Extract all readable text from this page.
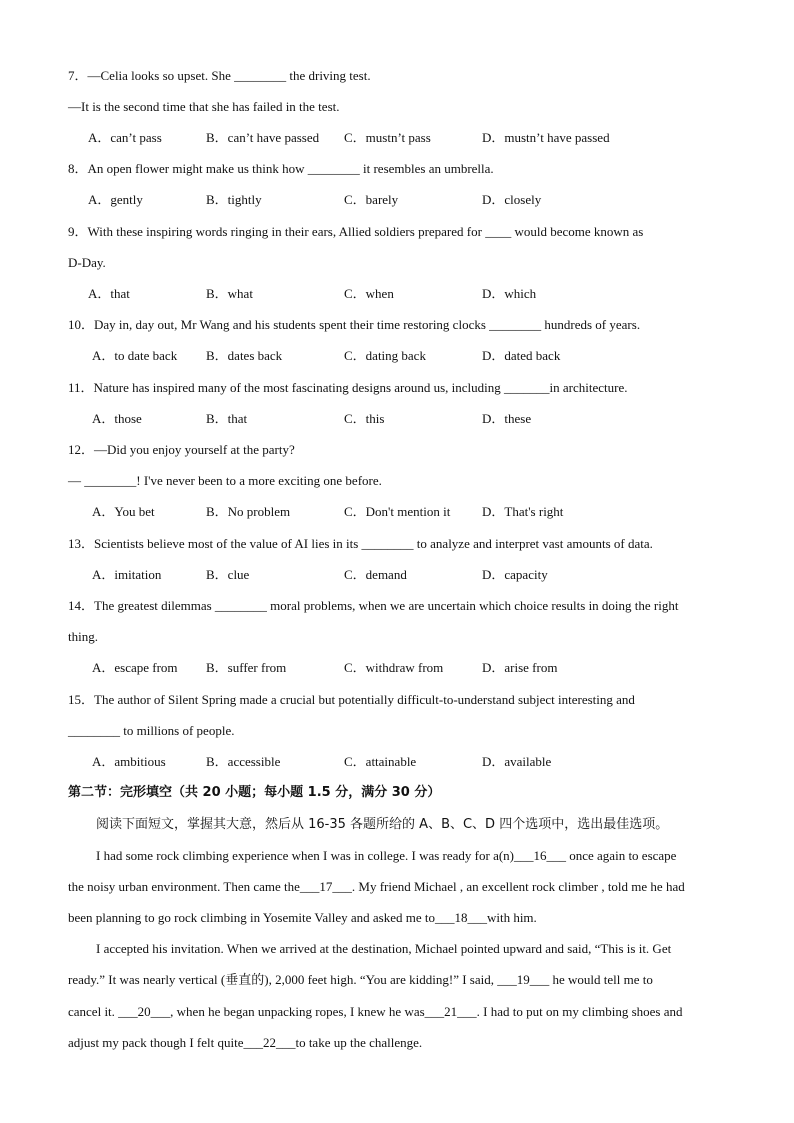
7．—Celia looks so upset. She ________ the driving test.
—It is the second time that she has failed in the test.
A．can’t pass	B．can’t have passed C．mustn’t pass	D．mustn’t have passed
8．An open flower might make us think how ________ it resembles an umbrella.
A．gently	B．tightly	C．barely	D．closely
9．With these inspiring words ringing in their ears, Allied soldiers prepared for ____ would become known as
D-Day.
A．that	B．what	C．when	D．which
10．Day in, day out, Mr Wang and his students spent their time restoring clocks ________ hundreds of years.
A．to date back B．dates back	C．dating back	D．dated back
11．Nature has inspired many of the most fascinating designs around us, including _______in architecture.
A．those	B．that	C．this	D．these
12．—Did you enjoy yourself at the party?
— ________! I've never been to a more exciting one before.
A．You bet	B．No problem	C．Don't mention it D．That's right
13．Scientists believe most of the value of AI lies in its ________ to analyze and interpret vast amounts of data.
A．imitation	B．clue	C．demand	D．capacity
14．The greatest dilemmas ________ moral problems, when we are uncertain which choice results in doing the right
thing.
A．escape from B．suffer from	C．withdraw from	D．arise from
15．The author of Silent Spring made a crucial but potentially difficult-to-understand subject interesting and
________ to millions of people.
A．ambitious	B．accessible	C．attainable	D．available
第二节：完形填空（共 20 小题；每小题 1.5 分，满分 30 分）
阅读下面短文，掌握其大意，然后从 16-35 各题所给的 A、B、C、D 四个选项中，选出最佳选项。
I had some rock climbing experience when I was in college. I was ready for a(n)___16___ once again to escape
the noisy urban environment. Then came the___17___. My friend Michael , an excellent rock climber , told me he had
been planning to go rock climbing in Yosemite Valley and asked me to___18___with him.
I accepted his invitation. When we arrived at the destination, Michael pointed upward and said, “This is it. Get
ready.” It was nearly vertical (垂直的), 2,000 feet high. “You are kidding!” I said, ___19___ he would tell me to
cancel it. ___20___, when he began unpacking ropes, I knew he was___21___. I had to put on my climbing shoes and
adjust my pack though I felt quite___22___to take up the challenge.
